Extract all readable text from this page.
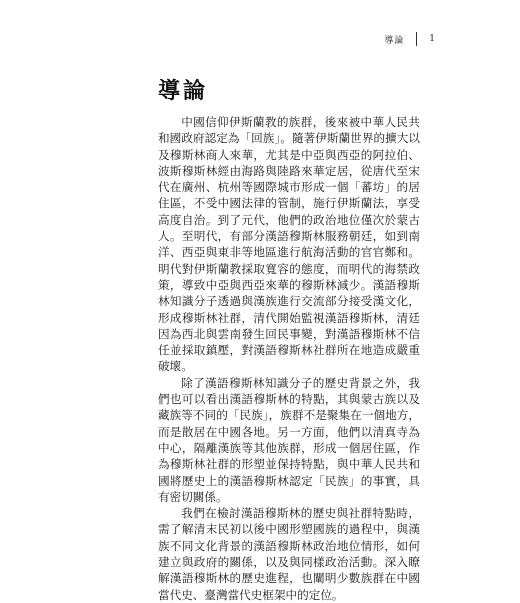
導論	1
導論

中國信仰伊斯蘭教的族群，後來被中華人民共和國政府認定為「回族」。隨著伊斯蘭世界的擴大以及穆斯林商人來華，尤其是中亞與西亞的阿拉伯、波斯穆斯林經由海路與陸路來華定居，從唐代至宋代在廣州、杭州等國際城市形成一個「蕃坊」的居住區，不受中國法律的管制，施行伊斯蘭法，享受高度自治。到了元代，他們的政治地位僅次於蒙古人。至明代，有部分漢語穆斯林服務朝廷，如到南洋、西亞與東非等地區進行航海活動的官官鄭和。明代對伊斯蘭教採取寬容的態度，而明代的海禁政策，導致中亞與西亞來華的穆斯林減少。漢語穆斯林知識分子透過與漢族進行交流部分接受漢文化，形成穆斯林社群，清代開始監視漢語穆斯林，清廷因為西北與雲南發生回民事變，對漢語穆斯林不信任並採取鎮壓，對漢語穆斯林社群所在地造成嚴重破壞。

除了漢語穆斯林知識分子的歷史背景之外，我們也可以看出漢語穆斯林的特點，其與蒙古族以及藏族等不同的「民族」，族群不是聚集在一個地方，而是散居在中國各地。另一方面，他們以清真寺為中心，隔離漢族等其他族群，形成一個居住區，作為穆斯林社群的形塑並保持特點，與中華人民共和國將歷史上的漢語穆斯林認定「民族」的事實，具有密切關係。

我們在檢討漢語穆斯林的歷史與社群特點時，需了解清末民初以後中國形塑國族的過程中，與漢族不同文化背景的漢語穆斯林政治地位情形，如何建立與政府的關係，以及與同樣政治活動。深入瞭解漢語穆斯林的歷史進程，也闡明少數族群在中國當代史、臺灣當代史框架中的定位。
